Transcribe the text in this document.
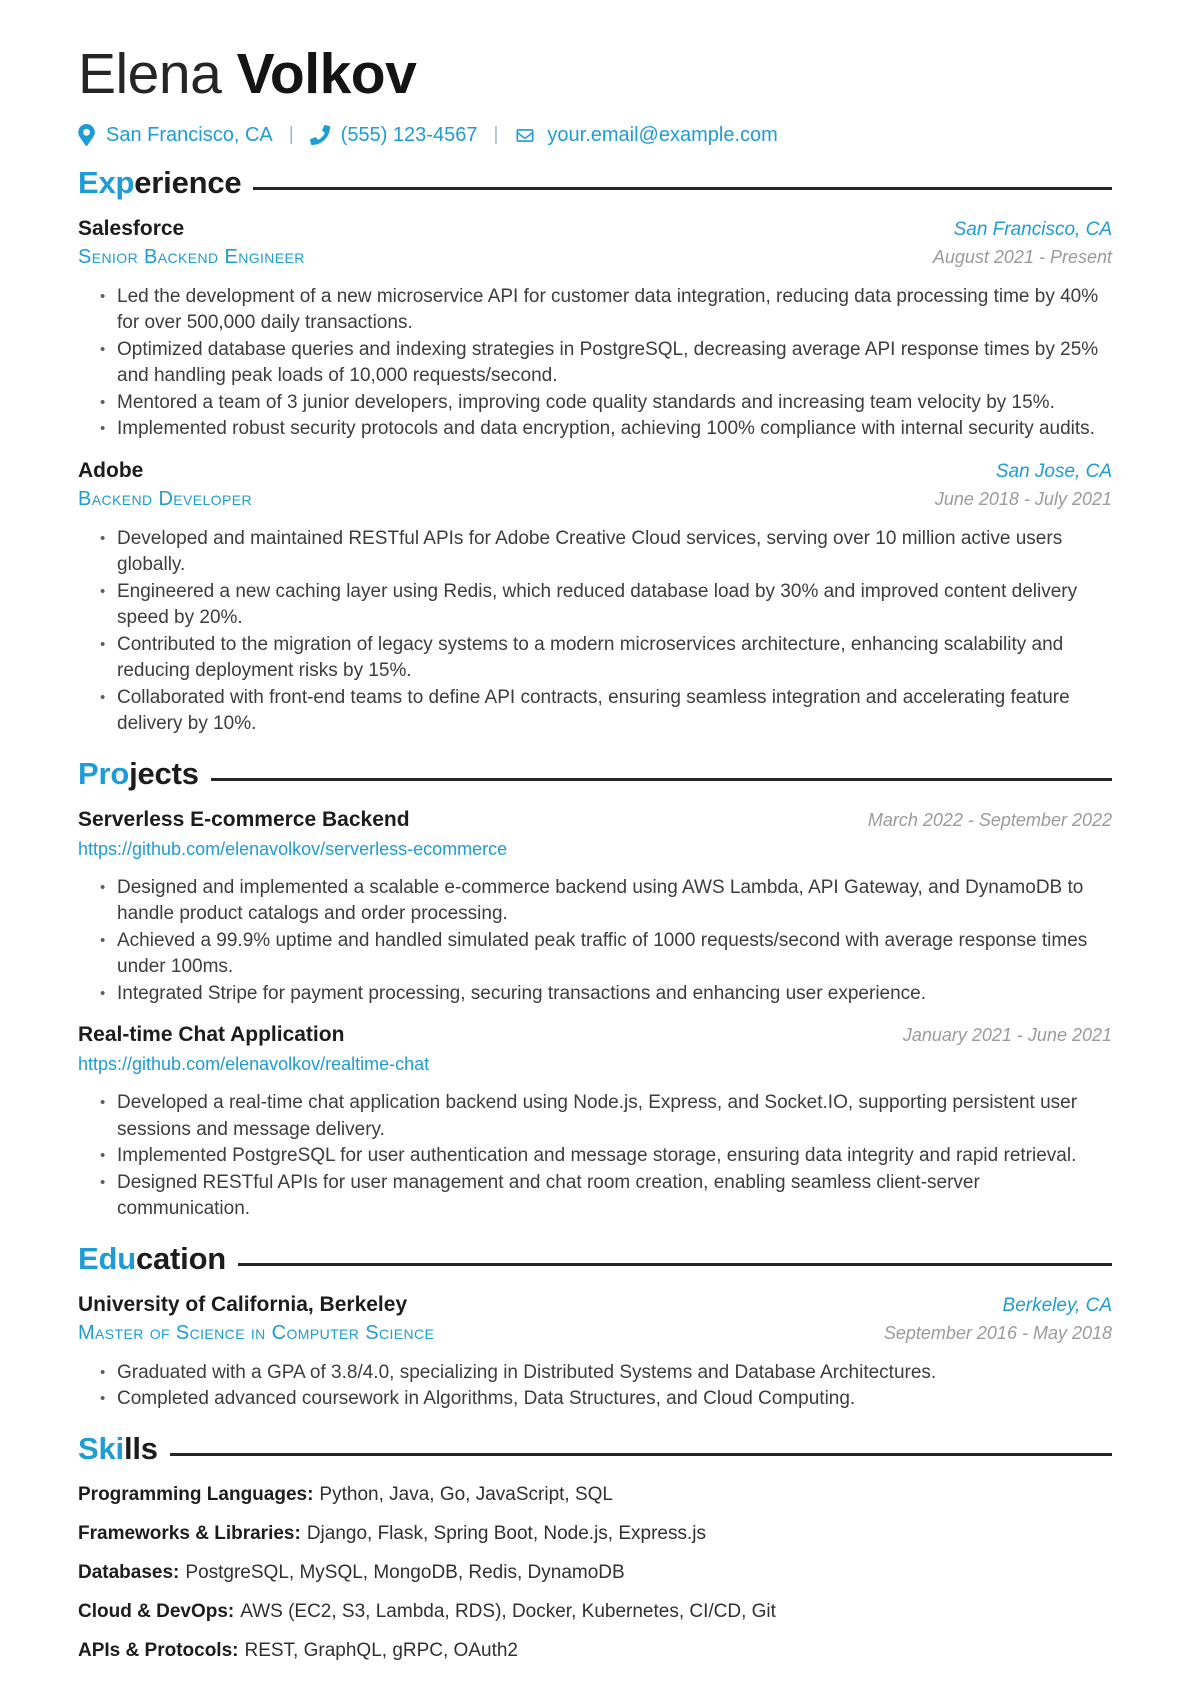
Elena Volkov
San Francisco, CA | (555) 123-4567 | your.email@example.com
Exp erience
Salesforce	San Francisco, CA
Senior Backend Engineer	August 2021 - Present
• Led the development of a new microservice API for customer data integration, reducing data processing time by 40% for over 500,000 daily transactions.
• Optimized database queries and indexing strategies in PostgreSQL, decreasing average API response times by 25% and handling peak loads of 10,000 requests/second.
• Mentored a team of 3 junior developers, improving code quality standards and increasing team velocity by 15%.
• Implemented robust security protocols and data encryption, achieving 100% compliance with internal security audits.
Adobe	San Jose, CA
Backend Developer	June 2018 - July 2021
• Developed and maintained RESTful APIs for Adobe Creative Cloud services, serving over 10 million active users globally.
• Engineered a new caching layer using Redis, which reduced database load by 30% and improved content delivery speed by 20%.
• Contributed to the migration of legacy systems to a modern microservices architecture, enhancing scalability and reducing deployment risks by 15%.
• Collaborated with front-end teams to define API contracts, ensuring seamless integration and accelerating feature delivery by 10%.
Pro jects
Serverless E-commerce Backend	March 2022 - September 2022
https://github.com/elenavolkov/serverless-ecommerce
• Designed and implemented a scalable e-commerce backend using AWS Lambda, API Gateway, and DynamoDB to handle product catalogs and order processing.
• Achieved a 99.9% uptime and handled simulated peak traffic of 1000 requests/second with average response times under 100ms.
• Integrated Stripe for payment processing, securing transactions and enhancing user experience.
Real-time Chat Application	January 2021 - June 2021
https://github.com/elenavolkov/realtime-chat
• Developed a real-time chat application backend using Node.js, Express, and Socket.IO, supporting persistent user sessions and message delivery.
• Implemented PostgreSQL for user authentication and message storage, ensuring data integrity and rapid retrieval.
• Designed RESTful APIs for user management and chat room creation, enabling seamless client-server communication.
Edu cation
University of California, Berkeley	Berkeley, CA
Master of Science in Computer Science	September 2016 - May 2018
• Graduated with a GPA of 3.8/4.0, specializing in Distributed Systems and Database Architectures.
• Completed advanced coursework in Algorithms, Data Structures, and Cloud Computing.
Ski lls
Programming Languages: Python, Java, Go, JavaScript, SQL
Frameworks & Libraries: Django, Flask, Spring Boot, Node.js, Express.js
Databases: PostgreSQL, MySQL, MongoDB, Redis, DynamoDB
Cloud & DevOps: AWS (EC2, S3, Lambda, RDS), Docker, Kubernetes, CI/CD, Git
APIs & Protocols: REST, GraphQL, gRPC, OAuth2
